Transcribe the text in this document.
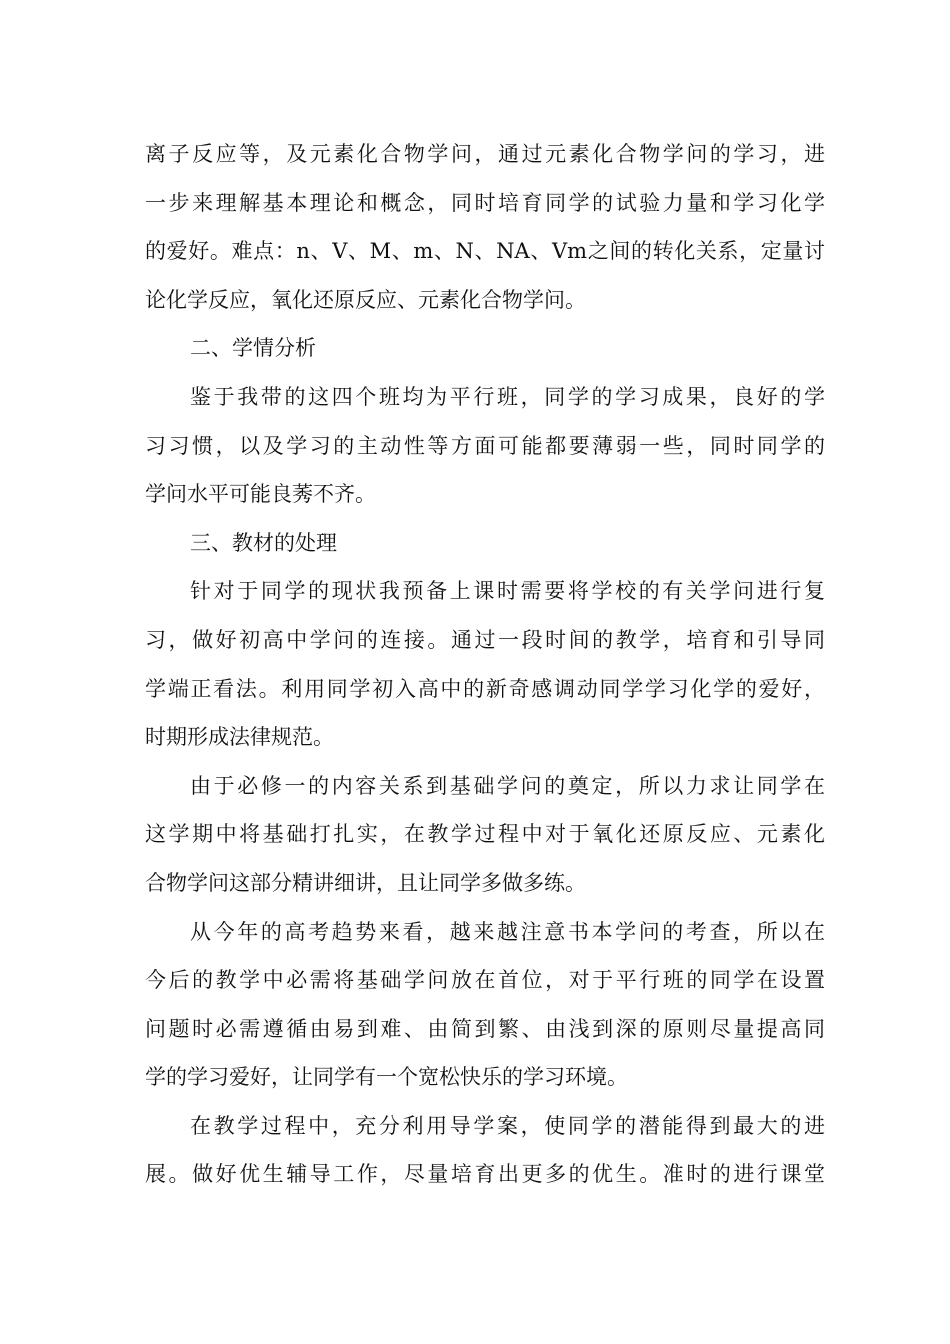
离子反应等，及元素化合物学问，通过元素化合物学问的学习，进
一步来理解基本理论和概念，同时培育同学的试验力量和学习化学
的爱好。难点：n、V、M、m、N、NA、Vm之间的转化关系，定量讨
论化学反应，氧化还原反应、元素化合物学问。
二、学情分析
鉴于我带的这四个班均为平行班，同学的学习成果，良好的学
习习惯，以及学习的主动性等方面可能都要薄弱一些，同时同学的
学问水平可能良莠不齐。
三、教材的处理
针对于同学的现状我预备上课时需要将学校的有关学问进行复
习，做好初高中学问的连接。通过一段时间的教学，培育和引导同
学端正看法。利用同学初入高中的新奇感调动同学学习化学的爱好，
时期形成法律规范。
由于必修一的内容关系到基础学问的奠定，所以力求让同学在
这学期中将基础打扎实，在教学过程中对于氧化还原反应、元素化
合物学问这部分精讲细讲，且让同学多做多练。
从今年的高考趋势来看，越来越注意书本学问的考查，所以在
今后的教学中必需将基础学问放在首位，对于平行班的同学在设置
问题时必需遵循由易到难、由简到繁、由浅到深的原则尽量提高同
学的学习爱好，让同学有一个宽松快乐的学习环境。
在教学过程中，充分利用导学案，使同学的潜能得到最大的进
展。做好优生辅导工作，尽量培育出更多的优生。准时的进行课堂
